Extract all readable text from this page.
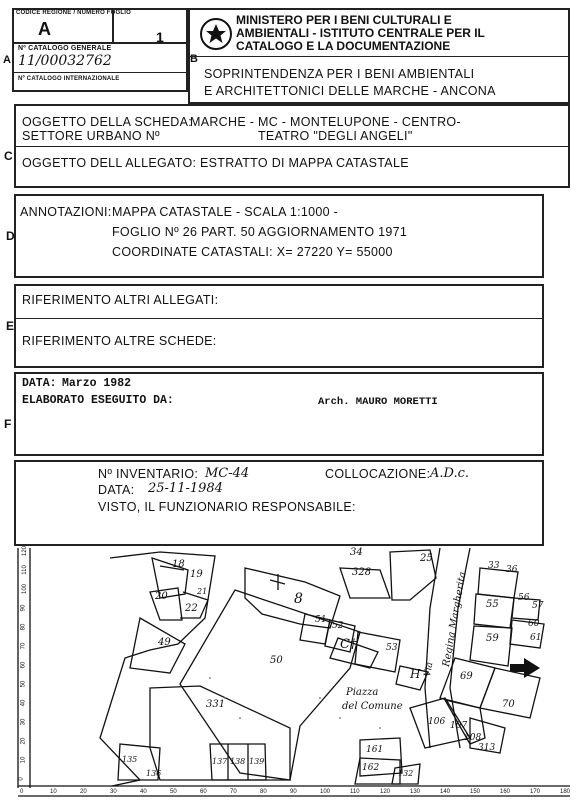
CODICE REGIONE / NUMERO FOGLIO
A	1
Nº CATALOGO GENERALE
11/00032762
Nº CATALOGO INTERNAZIONALE
A	B
MINISTERO PER I BENI CULTURALI E
AMBIENTALI - ISTITUTO CENTRALE PER IL
CATALOGO E LA DOCUMENTAZIONE
SOPRINTENDENZA PER I BENI AMBIENTALI
E ARCHITETTONICI DELLE MARCHE - ANCONA
C
OGGETTO DELLA SCHEDA:
MARCHE - MC - MONTELUPONE - CENTRO-
SETTORE URBANO Nº	TEATRO "DEGLI ANGELI"
OGGETTO DELL ALLEGATO: ESTRATTO DI MAPPA CATASTALE
D
ANNOTAZIONI: MAPPA CATASTALE - SCALA 1:1000 -
FOGLIO Nº 26 PART. 50 AGGIORNAMENTO 1971
COORDINATE CATASTALI: X= 27220 Y= 55000
E
RIFERIMENTO ALTRI ALLEGATI:
RIFERIMENTO ALTRE SCHEDE:
F
DATA: Marzo 1982
ELABORATO ESEGUITO DA:	Arch. MAURO MORETTI
Nº INVENTARIO: MC-44	COLLOCAZIONE: A.D.c.
DATA: 25-11-1984
VISTO, IL FUNZIONARIO RESPONSABILE:
18
19
20	21
22
49
34
25
328
8
51
52
53
50
331
55
56
57
59
60
61
69
70
106 107
108
313
161
162
132
135
136
137 138 139
33 36
C†
H
Piazza
del Comune
Via
Regina Margherita
0	10	20	30	40	50	60	70	80	90	100	110	120	130	140	150	160	170	180
0
10
20
30
40
50
60
70
80
90
100
110
120
